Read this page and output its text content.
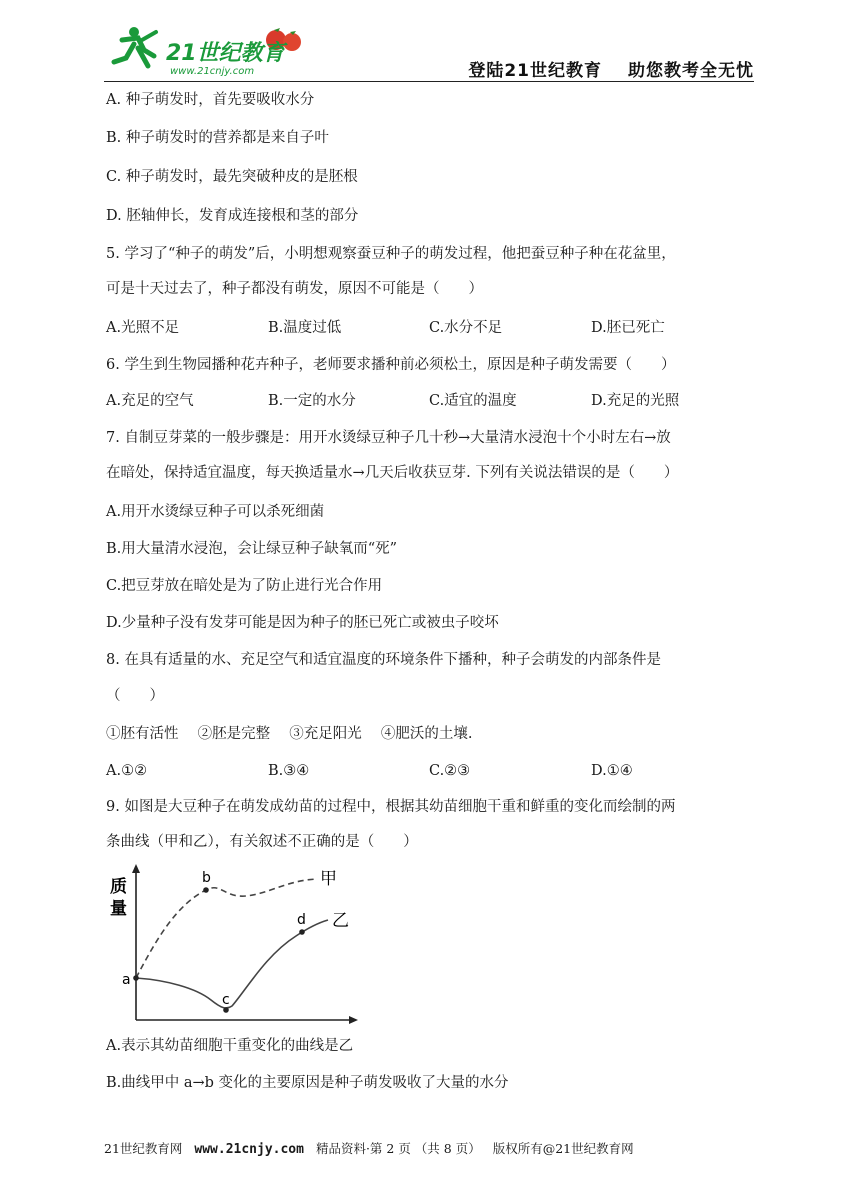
21世纪教育
www.21cnjy.com	登陆21世纪教育 助您教考全无忧

A. 种子萌发时，首先要吸收水分

B. 种子萌发时的营养都是来自子叶

C. 种子萌发时，最先突破种皮的是胚根

D. 胚轴伸长，发育成连接根和茎的部分

5. 学习了“种子的萌发”后，小明想观察蚕豆种子的萌发过程，他把蚕豆种子种在花盆里，

可是十天过去了，种子都没有萌发，原因不可能是（　　）

A.光照不足	B.温度过低	C.水分不足	D.胚已死亡

6. 学生到生物园播种花卉种子，老师要求播种前必须松土，原因是种子萌发需要（　　）

A.充足的空气	B.一定的水分	C.适宜的温度	D.充足的光照

7. 自制豆芽菜的一般步骤是：用开水烫绿豆种子几十秒→大量清水浸泡十个小时左右→放

在暗处，保持适宜温度，每天换适量水→几天后收获豆芽. 下列有关说法错误的是（　　）

A.用开水烫绿豆种子可以杀死细菌

B.用大量清水浸泡，会让绿豆种子缺氧而“死”

C.把豆芽放在暗处是为了防止进行光合作用

D.少量种子没有发芽可能是因为种子的胚已死亡或被虫子咬坏

8. 在具有适量的水、充足空气和适宜温度的环境条件下播种，种子会萌发的内部条件是

（　　）

①胚有活性　 ②胚是完整　 ③充足阳光　 ④肥沃的土壤.

A.①②	B.③④	C.②③	D.①④

9. 如图是大豆种子在萌发成幼苗的过程中，根据其幼苗细胞干重和鲜重的变化而绘制的两

条曲线（甲和乙），有关叙述不正确的是（　　）

质
量
a
b
c
d
甲
乙

A.表示其幼苗细胞干重变化的曲线是乙

B.曲线甲中 a→b 变化的主要原因是种子萌发吸收了大量的水分

21世纪教育网 www.21cnjy.com 精品资料·第 2 页 （共 8 页） 版权所有@21世纪教育网
